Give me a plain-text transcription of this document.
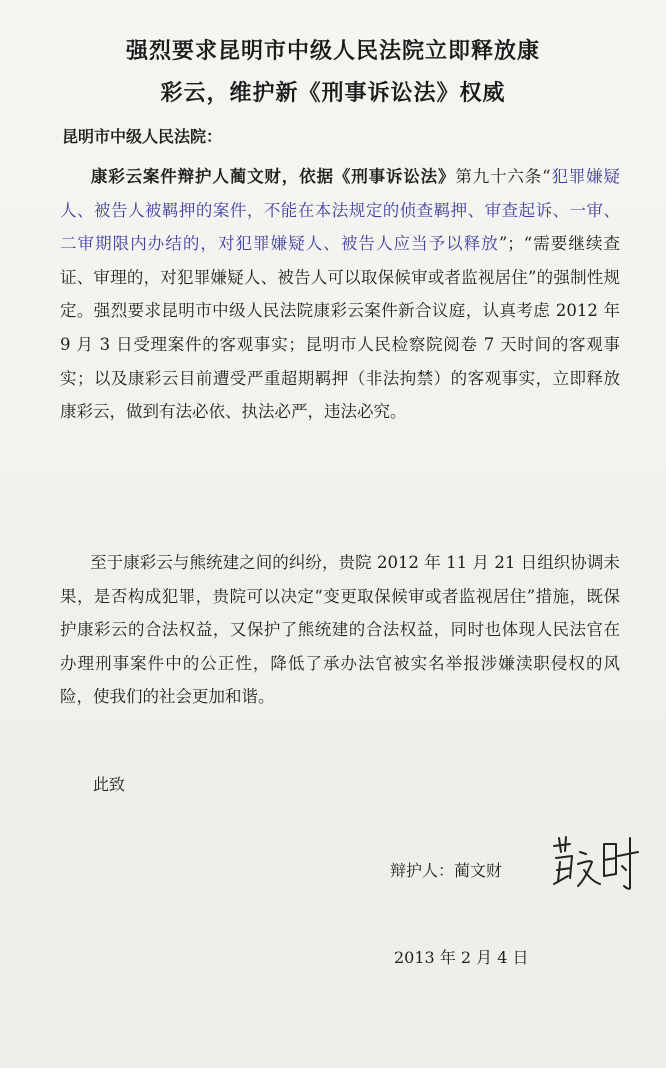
强烈要求昆明市中级人民法院立即释放康
彩云，维护新《刑事诉讼法》权威
昆明市中级人民法院：
康彩云案件辩护人蔺文财，依据《刑事诉讼法》第九十六条“犯罪嫌疑人、被告人被羁押的案件，不能在本法规定的侦查羁押、审查起诉、一审、二审期限内办结的，对犯罪嫌疑人、被告人应当予以释放”；“需要继续查证、审理的，对犯罪嫌疑人、被告人可以取保候审或者监视居住”的强制性规定。强烈要求昆明市中级人民法院康彩云案件新合议庭，认真考虑 2012 年 9 月 3 日受理案件的客观事实；昆明市人民检察院阅卷 7 天时间的客观事实；以及康彩云目前遭受严重超期羁押（非法拘禁）的客观事实，立即释放康彩云，做到有法必依、执法必严，违法必究。
至于康彩云与熊统建之间的纠纷，贵院 2012 年 11 月 21 日组织协调未果，是否构成犯罪，贵院可以决定“变更取保候审或者监视居住”措施，既保护康彩云的合法权益，又保护了熊统建的合法权益，同时也体现人民法官在办理刑事案件中的公正性，降低了承办法官被实名举报涉嫌渎职侵权的风险，使我们的社会更加和谐。
此致
辩护人：蔺文财
2013 年 2 月 4 日
